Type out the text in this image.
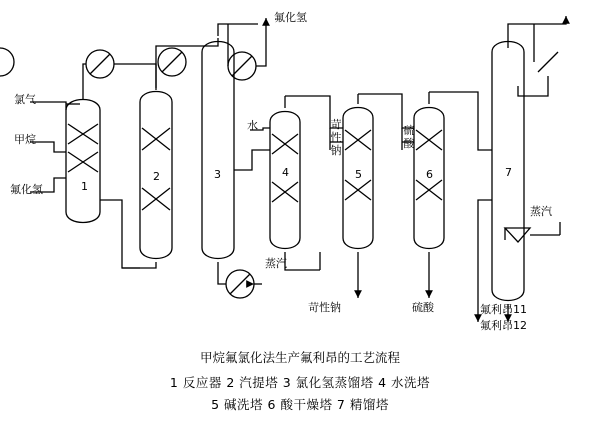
氯气
甲烷
氟化氢
氟化氢
水	苛
性
钠
硫
酸
蒸汽
蒸汽
苛性钠	硫酸	氟利昂11
氟利昂12
1
2	3	4	5	6	7
甲烷氟氯化法生产氟利昂的工艺流程
1 反应器 2 汽提塔 3 氯化氢蒸馏塔 4 水洗塔
5 碱洗塔 6 酸干燥塔 7 精馏塔
